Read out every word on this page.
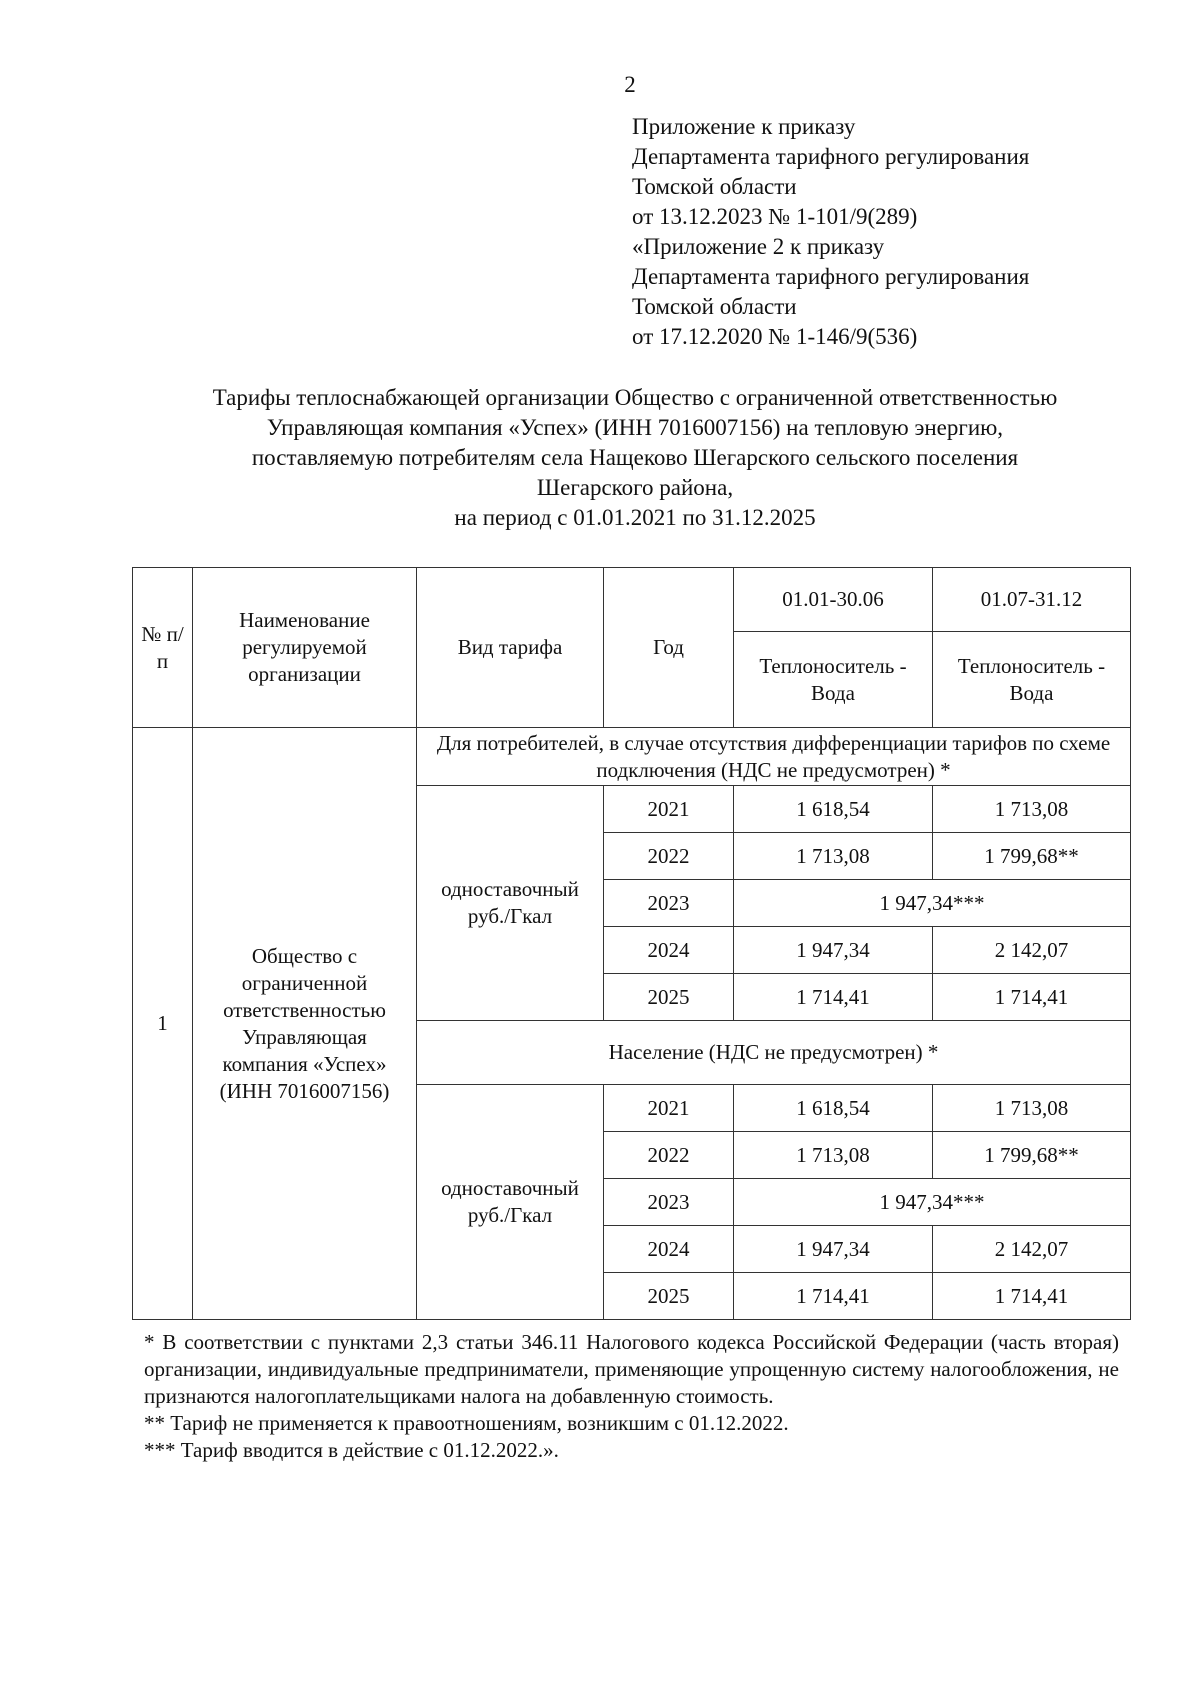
2
Приложение к приказу
Департамента тарифного регулирования
Томской области
от 13.12.2023 № 1-101/9(289)
«Приложение 2 к приказу
Департамента тарифного регулирования
Томской области
от 17.12.2020 № 1-146/9(536)
Тарифы теплоснабжающей организации Общество с ограниченной ответственностью
Управляющая компания «Успех» (ИНН 7016007156) на тепловую энергию,
поставляемую потребителям села Нащеково Шегарского сельского поселения
Шегарского района,
на период с 01.01.2021 по 31.12.2025
№ п/п	Наименование регулируемой организации	Вид тарифа	Год	01.01-30.06	01.07-31.12
				Теплоноситель - Вода	Теплоноситель - Вода
1	Общество с ограниченной ответственностью Управляющая компания «Успех» (ИНН 7016007156)	Для потребителей, в случае отсутствия дифференциации тарифов по схеме подключения (НДС не предусмотрен) *			
		одноставочный руб./Гкал	2021	1 618,54	1 713,08
			2022	1 713,08	1 799,68**
			2023	1 947,34***	
			2024	1 947,34	2 142,07
			2025	1 714,41	1 714,41
		Население (НДС не предусмотрен) *			
		одноставочный руб./Гкал	2021	1 618,54	1 713,08
			2022	1 713,08	1 799,68**
			2023	1 947,34***	
			2024	1 947,34	2 142,07
			2025	1 714,41	1 714,41

* В соответствии с пунктами 2,3 статьи 346.11 Налогового кодекса Российской Федерации (часть вторая) организации, индивидуальные предприниматели, применяющие упрощенную систему налогообложения, не признаются налогоплательщиками налога на добавленную стоимость.

** Тариф не применяется к правоотношениям, возникшим с 01.12.2022.

*** Тариф вводится в действие с 01.12.2022.».
